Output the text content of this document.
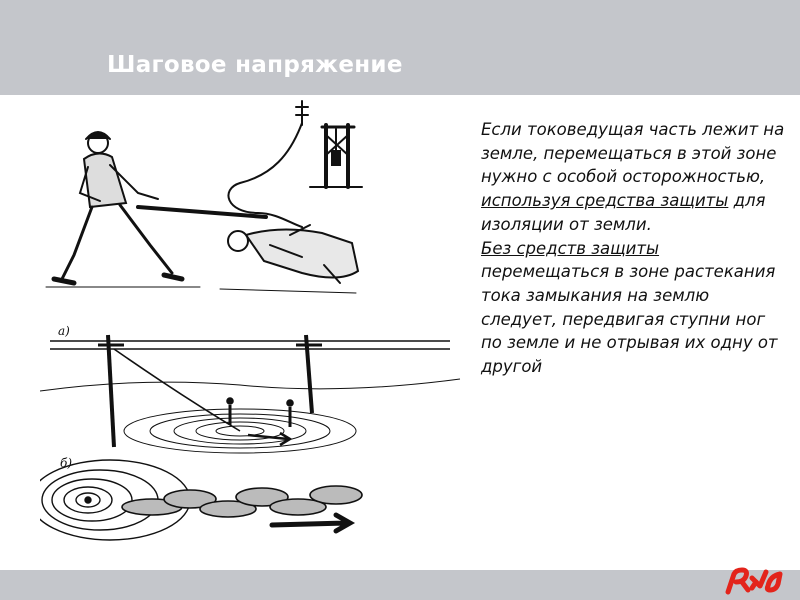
Шаговое напряжение
а)
б)

Если токоведущая часть лежит на земле, перемещаться в этой зоне нужно с особой осторожностью, используя средства защиты для изоляции от земли.

Без средств защиты перемещаться в зоне растекания тока замыкания на землю следует, передвигая ступни ног по земле и не отрывая их одну от другой
